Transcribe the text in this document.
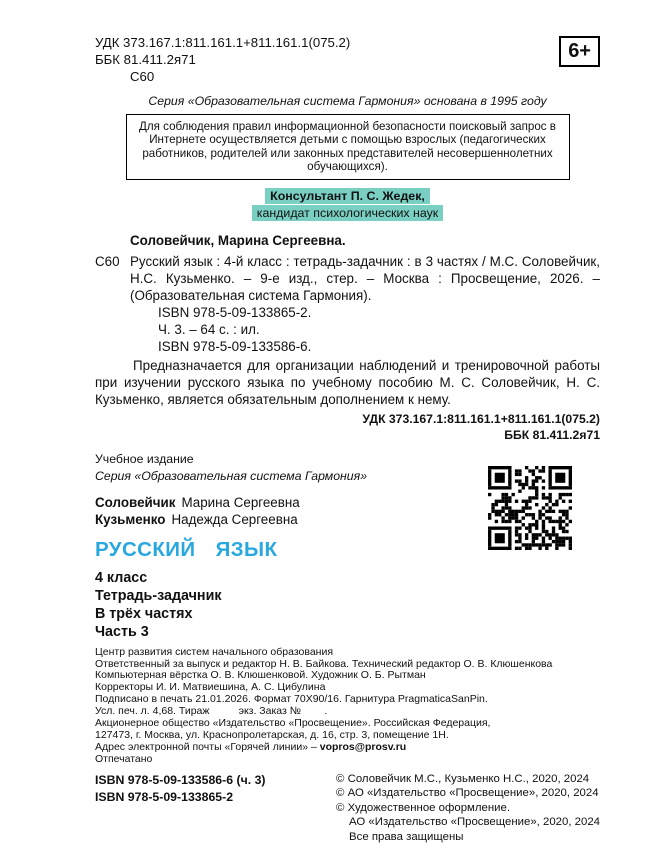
УДК 373.167.1:811.161.1+811.161.1(075.2)
ББК 81.411.2я71
С60
6+
Серия «Образовательная система Гармония» основана в 1995 году
Для соблюдения правил информационной безопасности поисковый запрос в Интернете осуществляется детьми с помощью взрослых (педагогических работников, родителей или законных представителей несовершеннолетних обучающихся).
Консультант П. С. Жедек,
кандидат психологических наук
Соловейчик, Марина Сергеевна.
С60 Русский язык : 4-й класс : тетрадь-задачник : в 3 частях / М.С. Соловейчик, Н.С. Кузьменко. – 9-е изд., стер. – Москва : Просвещение, 2026. – (Образовательная система Гармония).
ISBN 978-5-09-133865-2.
Ч. 3. – 64 с. : ил.
ISBN 978-5-09-133586-6.
Предназначается для организации наблюдений и тренировочной работы при изучении русского языка по учебному пособию М. С. Соловейчик, Н. С. Кузьменко, является обязательным дополнением к нему.
УДК 373.167.1:811.161.1+811.161.1(075.2)
ББК 81.411.2я71
Учебное издание
Серия «Образовательная система Гармония»
Соловейчик Марина Сергеевна
Кузьменко Надежда Сергеевна
РУССКИЙ ЯЗЫК
4 класс
Тетрадь-задачник
В трёх частях
Часть 3
Центр развития систем начального образования
Ответственный за выпуск и редактор Н. В. Байкова. Технический редактор О. В. Клюшенкова
Компьютерная вёрстка О. В. Клюшенковой. Художник О. Б. Рытман
Корректоры И. И. Матвиешина, А. С. Цибулина
Подписано в печать 21.01.2026. Формат 70Х90/16. Гарнитура PragmaticaSanPin.
Усл. печ. л. 4,68. Тираж          экз. Заказ №        .
Акционерное общество «Издательство «Просвещение». Российская Федерация,
127473, г. Москва, ул. Краснопролетарская, д. 16, стр. 3, помещение 1Н.
Адрес электронной почты «Горячей линии» – vopros@prosv.ru
Отпечатано
ISBN 978-5-09-133586-6 (ч. 3)
ISBN 978-5-09-133865-2
© Соловейчик М.С., Кузьменко Н.С., 2020, 2024
© АО «Издательство «Просвещение», 2020, 2024
© Художественное оформление.
АО «Издательство «Просвещение», 2020, 2024
Все права защищены
